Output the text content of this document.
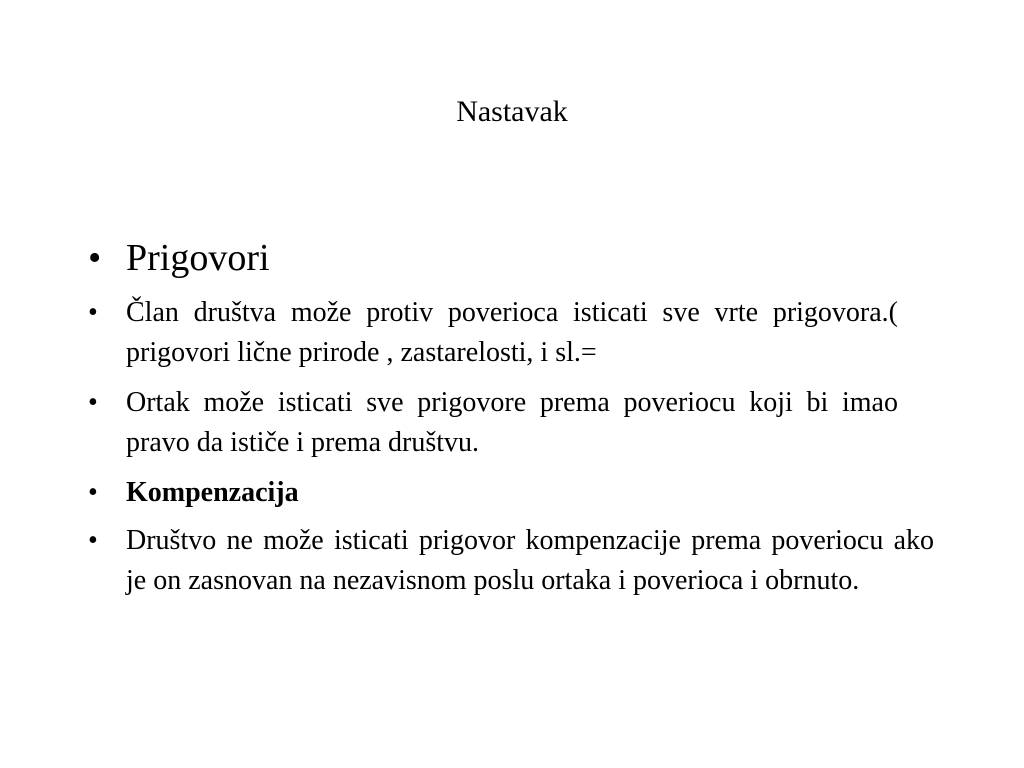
Nastavak
• Prigovori
• Član društva može protiv poverioca isticati sve vrte prigovora.( prigovori lične prirode , zastarelosti, i sl.=
• Ortak može isticati sve prigovore prema poveriocu koji bi imao pravo da ističe i prema društvu.
• Kompenzacija
• Društvo ne može isticati prigovor kompenzacije prema poveriocu ako je on zasnovan na nezavisnom poslu ortaka i poverioca i obrnuto.
